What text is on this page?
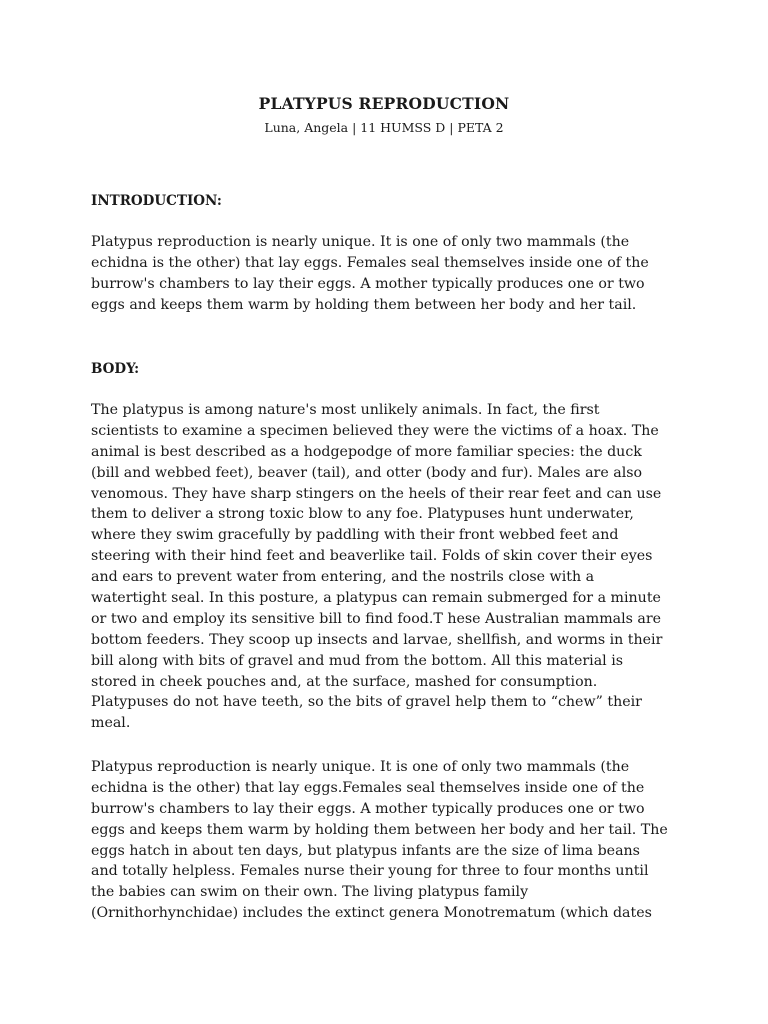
PLATYPUS REPRODUCTION
Luna, Angela | 11 HUMSS D | PETA 2
INTRODUCTION:
Platypus reproduction is nearly unique. It is one of only two mammals (the
echidna is the other) that lay eggs. Females seal themselves inside one of the
burrow's chambers to lay their eggs. A mother typically produces one or two
eggs and keeps them warm by holding them between her body and her tail.
BODY:
The platypus is among nature's most unlikely animals. In fact, the first
scientists to examine a specimen believed they were the victims of a hoax. The
animal is best described as a hodgepodge of more familiar species: the duck
(bill and webbed feet), beaver (tail), and otter (body and fur). Males are also
venomous. They have sharp stingers on the heels of their rear feet and can use
them to deliver a strong toxic blow to any foe. Platypuses hunt underwater,
where they swim gracefully by paddling with their front webbed feet and
steering with their hind feet and beaverlike tail. Folds of skin cover their eyes
and ears to prevent water from entering, and the nostrils close with a
watertight seal. In this posture, a platypus can remain submerged for a minute
or two and employ its sensitive bill to find food.T hese Australian mammals are
bottom feeders. They scoop up insects and larvae, shellfish, and worms in their
bill along with bits of gravel and mud from the bottom. All this material is
stored in cheek pouches and, at the surface, mashed for consumption.
Platypuses do not have teeth, so the bits of gravel help them to “chew” their
meal.
Platypus reproduction is nearly unique. It is one of only two mammals (the
echidna is the other) that lay eggs.Females seal themselves inside one of the
burrow's chambers to lay their eggs. A mother typically produces one or two
eggs and keeps them warm by holding them between her body and her tail. The
eggs hatch in about ten days, but platypus infants are the size of lima beans
and totally helpless. Females nurse their young for three to four months until
the babies can swim on their own. The living platypus family
(Ornithorhynchidae) includes the extinct genera Monotrematum (which dates
